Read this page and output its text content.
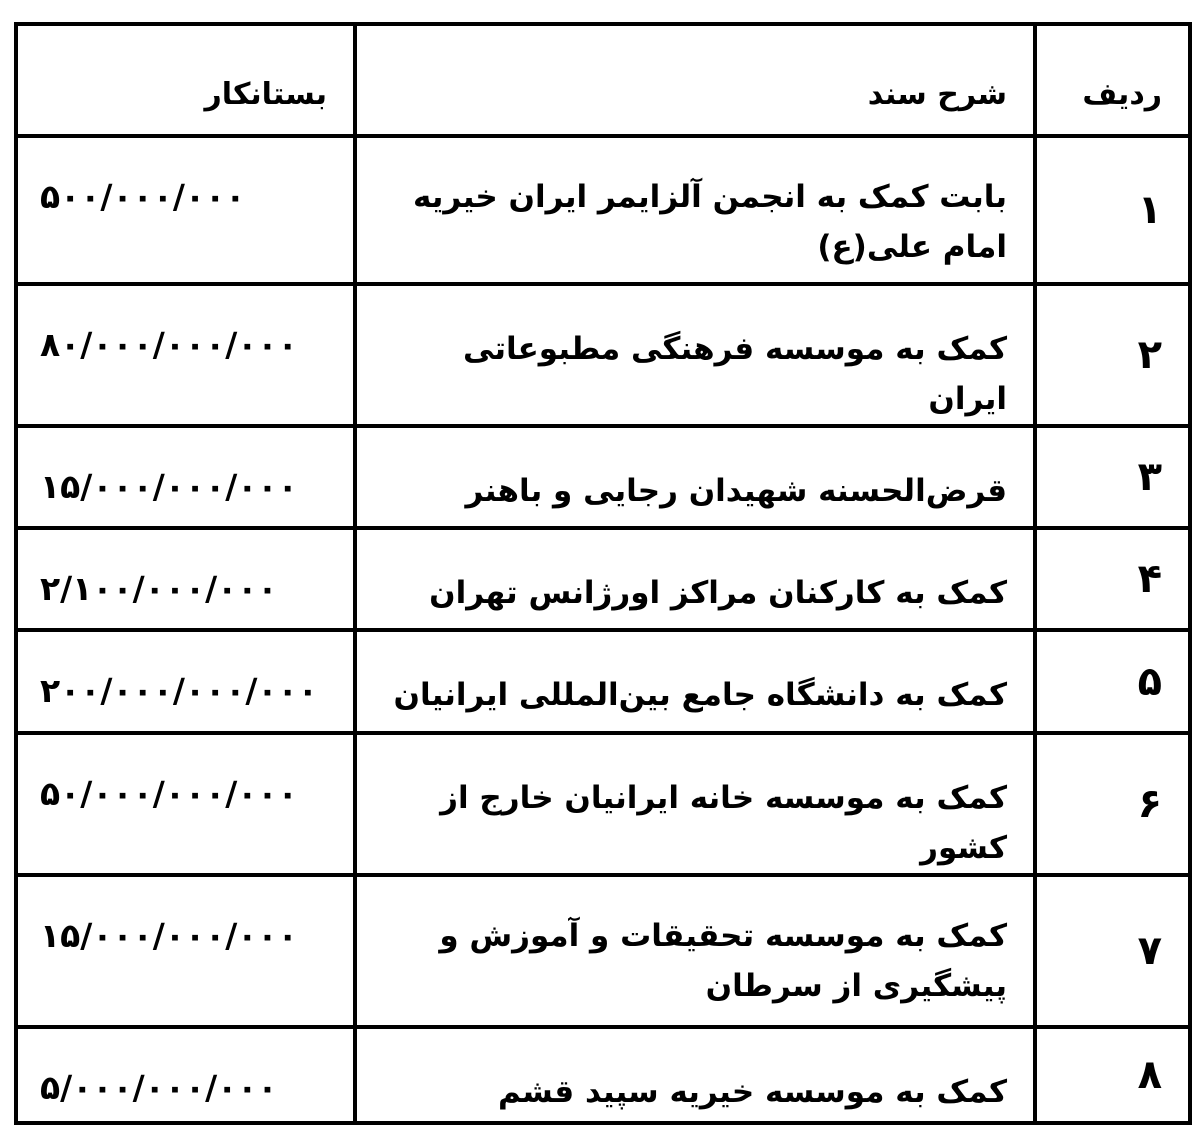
ردیف	شرح سند	بستانکار
۱	بابت کمک به انجمن آلزایمر ایران خیریه امام علی(ع)	۵۰۰/۰۰۰/۰۰۰
۲	کمک به موسسه فرهنگی مطبوعاتی ایران	۸۰/۰۰۰/۰۰۰/۰۰۰
۳	قرض‌الحسنه شهیدان رجایی و باهنر	۱۵/۰۰۰/۰۰۰/۰۰۰
۴	کمک به کارکنان مراکز اورژانس تهران	۲/۱۰۰/۰۰۰/۰۰۰
۵	کمک به دانشگاه جامع بین‌المللی ایرانیان	۲۰۰/۰۰۰/۰۰۰/۰۰۰
۶	کمک به موسسه خانه ایرانیان خارج از کشور	۵۰/۰۰۰/۰۰۰/۰۰۰
۷	کمک به موسسه تحقیقات و آموزش و پیشگیری از سرطان	۱۵/۰۰۰/۰۰۰/۰۰۰
۸	کمک به موسسه خیریه سپید قشم	۵/۰۰۰/۰۰۰/۰۰۰
